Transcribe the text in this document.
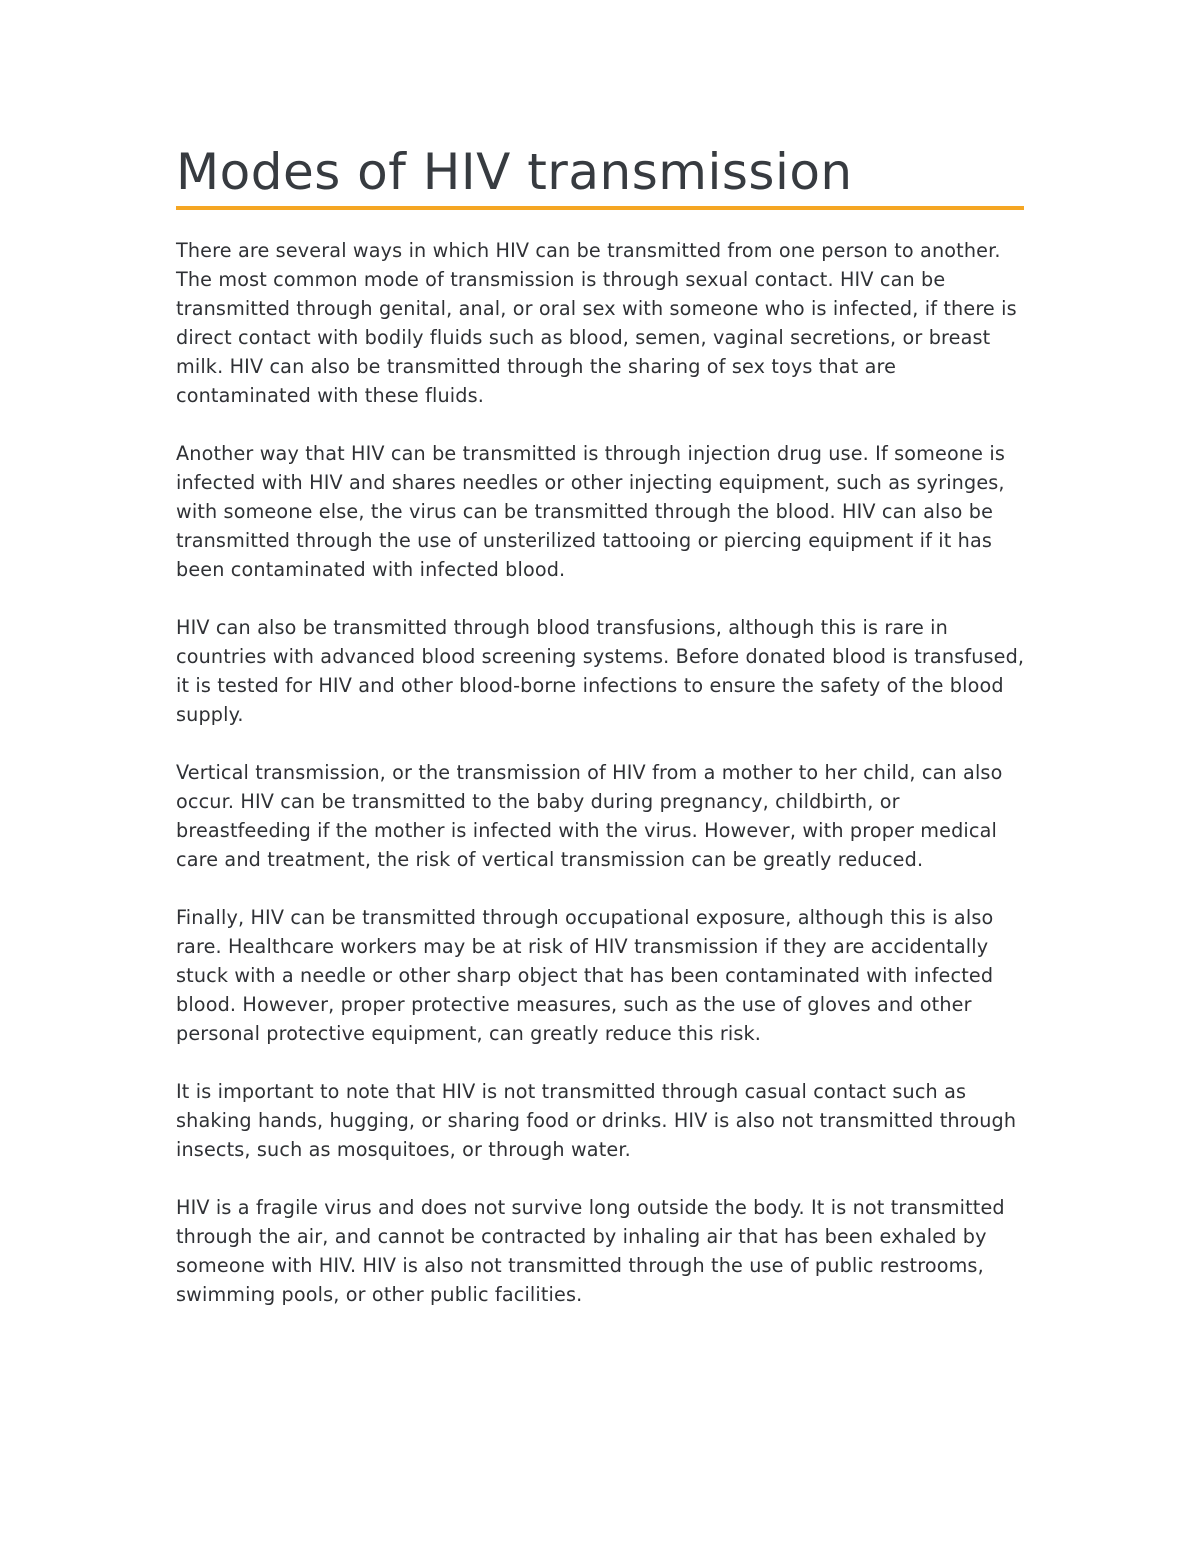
Modes of HIV transmission

There are several ways in which HIV can be transmitted from one person to another. The most common mode of transmission is through sexual contact. HIV can be transmitted through genital, anal, or oral sex with someone who is infected, if there is direct contact with bodily fluids such as blood, semen, vaginal secretions, or breast milk. HIV can also be transmitted through the sharing of sex toys that are contaminated with these fluids.

Another way that HIV can be transmitted is through injection drug use. If someone is infected with HIV and shares needles or other injecting equipment, such as syringes, with someone else, the virus can be transmitted through the blood. HIV can also be transmitted through the use of unsterilized tattooing or piercing equipment if it has been contaminated with infected blood.

HIV can also be transmitted through blood transfusions, although this is rare in countries with advanced blood screening systems. Before donated blood is transfused, it is tested for HIV and other blood-borne infections to ensure the safety of the blood supply.

Vertical transmission, or the transmission of HIV from a mother to her child, can also occur. HIV can be transmitted to the baby during pregnancy, childbirth, or breastfeeding if the mother is infected with the virus. However, with proper medical care and treatment, the risk of vertical transmission can be greatly reduced.

Finally, HIV can be transmitted through occupational exposure, although this is also rare. Healthcare workers may be at risk of HIV transmission if they are accidentally stuck with a needle or other sharp object that has been contaminated with infected blood. However, proper protective measures, such as the use of gloves and other personal protective equipment, can greatly reduce this risk.

It is important to note that HIV is not transmitted through casual contact such as shaking hands, hugging, or sharing food or drinks. HIV is also not transmitted through insects, such as mosquitoes, or through water.

HIV is a fragile virus and does not survive long outside the body. It is not transmitted through the air, and cannot be contracted by inhaling air that has been exhaled by someone with HIV. HIV is also not transmitted through the use of public restrooms, swimming pools, or other public facilities.
